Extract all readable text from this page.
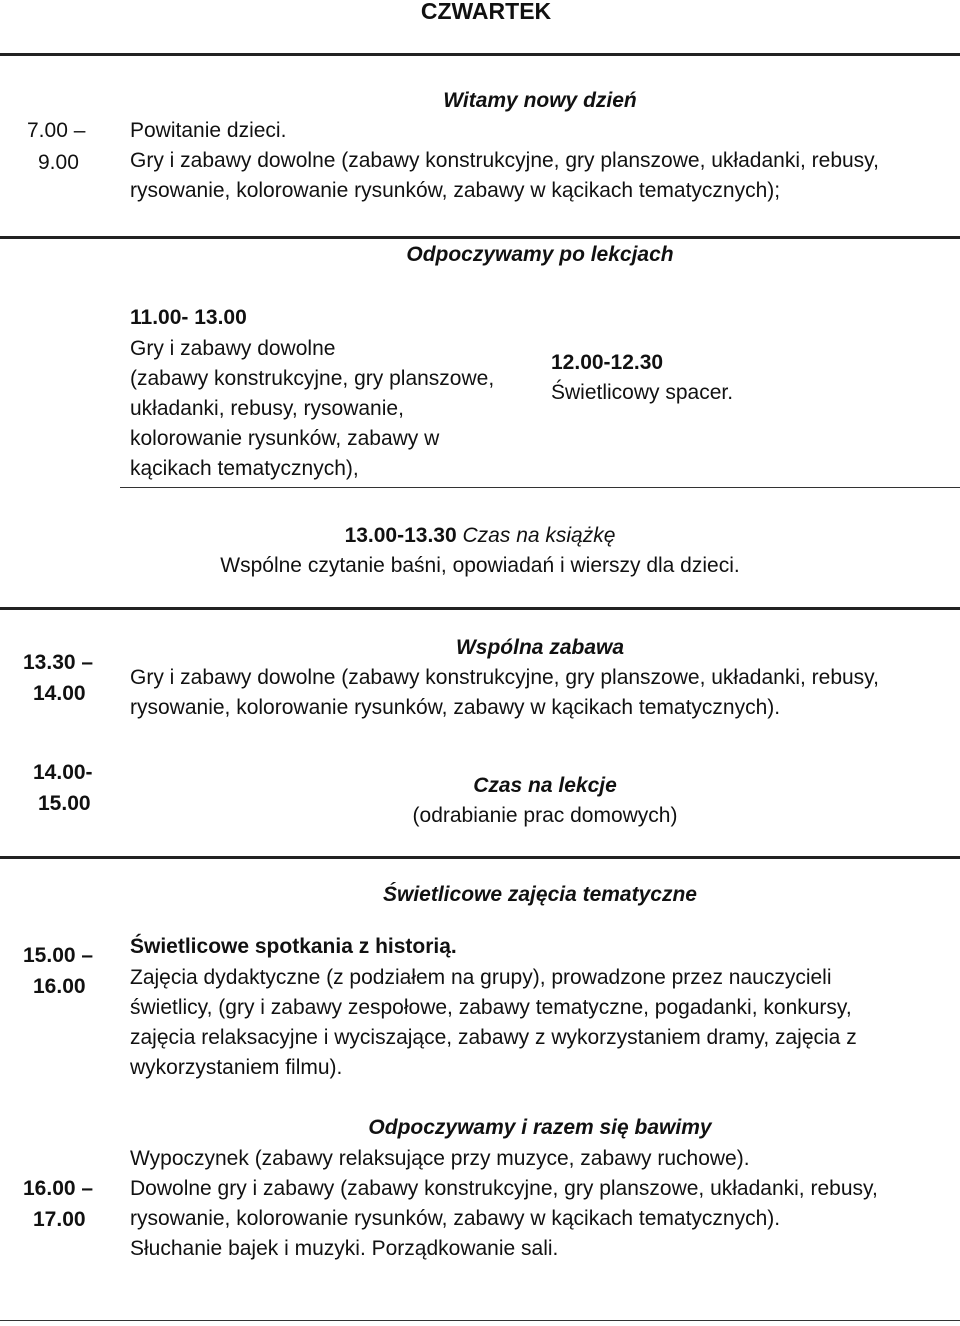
CZWARTEK
Witamy nowy dzień
7.00 –
9.00
Powitanie dzieci.
Gry i zabawy dowolne (zabawy konstrukcyjne, gry planszowe, układanki, rebusy,
rysowanie, kolorowanie rysunków, zabawy w kącikach tematycznych);
Odpoczywamy po lekcjach
11.00- 13.00
Gry i zabawy dowolne
(zabawy konstrukcyjne, gry planszowe,
układanki, rebusy, rysowanie,
kolorowanie rysunków, zabawy w
kącikach tematycznych),
12.00-12.30
Świetlicowy spacer.
13.00-13.30 Czas na książkę
Wspólne czytanie baśni, opowiadań i wierszy dla dzieci.
Wspólna zabawa
13.30 –
14.00
Gry i zabawy dowolne (zabawy konstrukcyjne, gry planszowe, układanki, rebusy,
rysowanie, kolorowanie rysunków, zabawy w kącikach tematycznych).
14.00-
15.00
Czas na lekcje
(odrabianie prac domowych)
Świetlicowe zajęcia tematyczne
15.00 –
16.00
Świetlicowe spotkania z historią.
Zajęcia dydaktyczne (z podziałem na grupy), prowadzone przez nauczycieli
świetlicy, (gry i zabawy zespołowe, zabawy tematyczne, pogadanki, konkursy,
zajęcia relaksacyjne i wyciszające, zabawy z wykorzystaniem dramy, zajęcia z
wykorzystaniem filmu).
Odpoczywamy i razem się bawimy
16.00 –
17.00
Wypoczynek (zabawy relaksujące przy muzyce, zabawy ruchowe).
Dowolne gry i zabawy (zabawy konstrukcyjne, gry planszowe, układanki, rebusy,
rysowanie, kolorowanie rysunków, zabawy w kącikach tematycznych).
Słuchanie bajek i muzyki. Porządkowanie sali.
